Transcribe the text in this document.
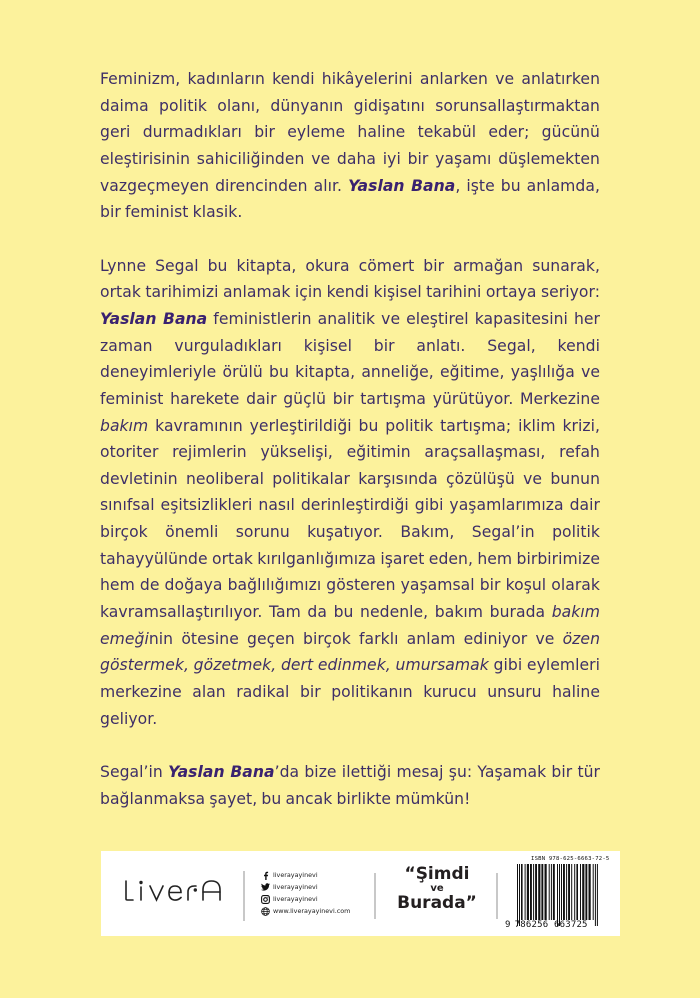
Feminizm, kadınların kendi hikâyelerini anlarken ve anlatırken daima politik olanı, dünyanın gidişatını sorunsallaştırmaktan geri durmadıkları bir eyleme haline tekabül eder; gücünü eleştirisinin sahiciliğinden ve daha iyi bir yaşamı düşlemekten vazgeçmeyen direncinden alır. Yaslan Bana, işte bu anlamda, bir feminist klasik.

Lynne Segal bu kitapta, okura cömert bir armağan sunarak, ortak tarihimizi anlamak için kendi kişisel tarihini ortaya seriyor: Yaslan Bana feministlerin analitik ve eleştirel kapasitesini her zaman vurguladıkları kişisel bir anlatı. Segal, kendi deneyimleriyle örülü bu kitapta, anneliğe, eğitime, yaşlılığa ve feminist harekete dair güçlü bir tartışma yürütüyor. Merkezine bakım kavramının yerleştirildiği bu politik tartışma; iklim krizi, otoriter rejimlerin yükselişi, eğitimin araçsallaşması, refah devletinin neoliberal politikalar karşısında çözülüşü ve bunun sınıfsal eşitsizlikleri nasıl derinleştirdiği gibi yaşamlarımıza dair birçok önemli sorunu kuşatıyor. Bakım, Segal’in politik tahayyülünde ortak kırılganlığımıza işaret eden, hem birbirimize hem de doğaya bağlılığımızı gösteren yaşamsal bir koşul olarak kavramsallaştırılıyor. Tam da bu nedenle, bakım burada bakım emeğinin ötesine geçen birçok farklı anlam ediniyor ve özen göstermek, gözetmek, dert edinmek, umursamak gibi eylemleri merkezine alan radikal bir politikanın kurucu unsuru haline geliyor.

Segal’in Yaslan Bana’da bize ilettiği mesaj şu: Yaşamak bir tür bağlanmaksa şayet, bu ancak birlikte mümkün!

liverayayinevi
liverayayinevi
liverayayinevi
www.liverayayinevi.com
“Şimdi
ve
Burada”
ISBN 978-625-6663-72-5
9 786256 663725
